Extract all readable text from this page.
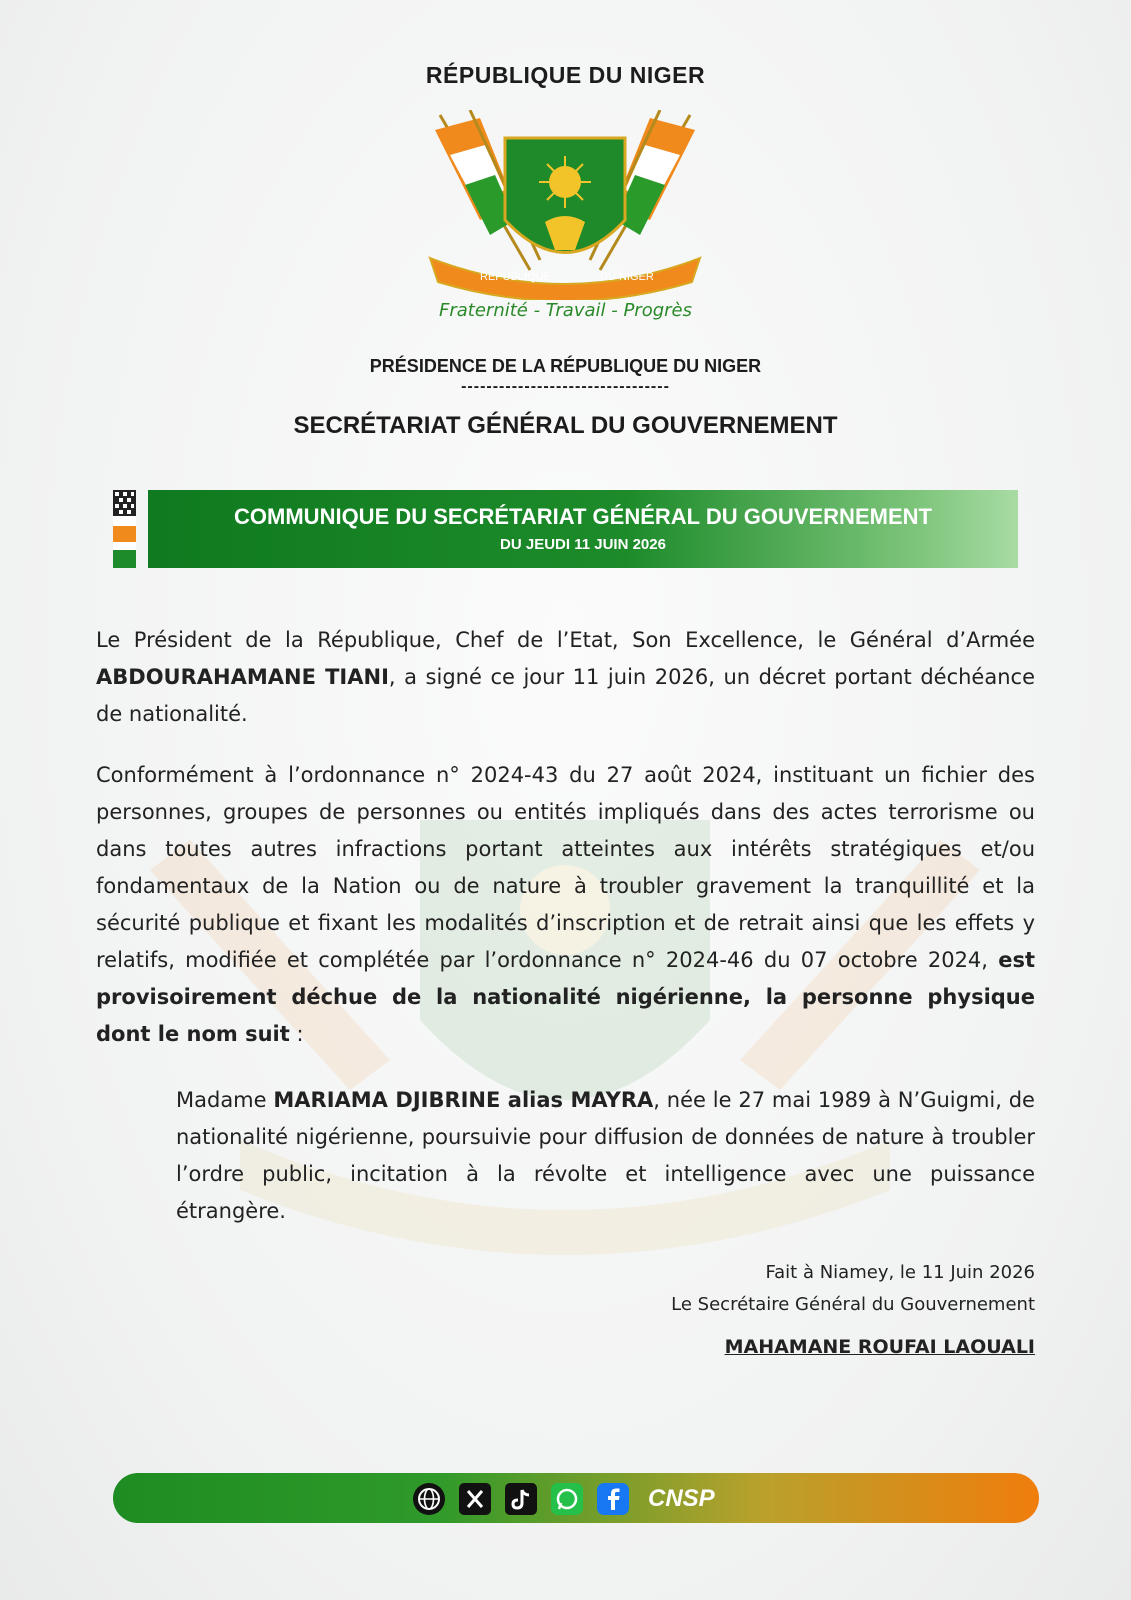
RÉPUBLIQUE DU NIGER
REPUBLIQUE	DU NIGER
Fraternité - Travail - Progrès
PRÉSIDENCE DE LA RÉPUBLIQUE DU NIGER
---------------------------------
SECRÉTARIAT GÉNÉRAL DU GOUVERNEMENT
COMMUNIQUE DU SECRÉTARIAT GÉNÉRAL DU GOUVERNEMENT
DU JEUDI 11 JUIN 2026

Le Président de la République, Chef de l’Etat, Son Excellence, le Général d’Armée ABDOURAHAMANE TIANI, a signé ce jour 11 juin 2026, un décret portant déchéance de nationalité.

Conformément à l’ordonnance n° 2024-43 du 27 août 2024, instituant un fichier des personnes, groupes de personnes ou entités impliqués dans des actes terrorisme ou dans toutes autres infractions portant atteintes aux intérêts stratégiques et/ou fondamentaux de la Nation ou de nature à troubler gravement la tranquillité et la sécurité publique et fixant les modalités d’inscription et de retrait ainsi que les effets y relatifs, modifiée et complétée par l’ordonnance n° 2024-46 du 07 octobre 2024, est provisoirement déchue de la nationalité nigérienne, la personne physique dont le nom suit :

Madame MARIAMA DJIBRINE alias MAYRA, née le 27 mai 1989 à N’Guigmi, de nationalité nigérienne, poursuivie pour diffusion de données de nature à troubler l’ordre public, incitation à la révolte et intelligence avec une puissance étrangère.

Fait à Niamey, le 11 Juin 2026
Le Secrétaire Général du Gouvernement
MAHAMANE ROUFAI LAOUALI
CNSP
